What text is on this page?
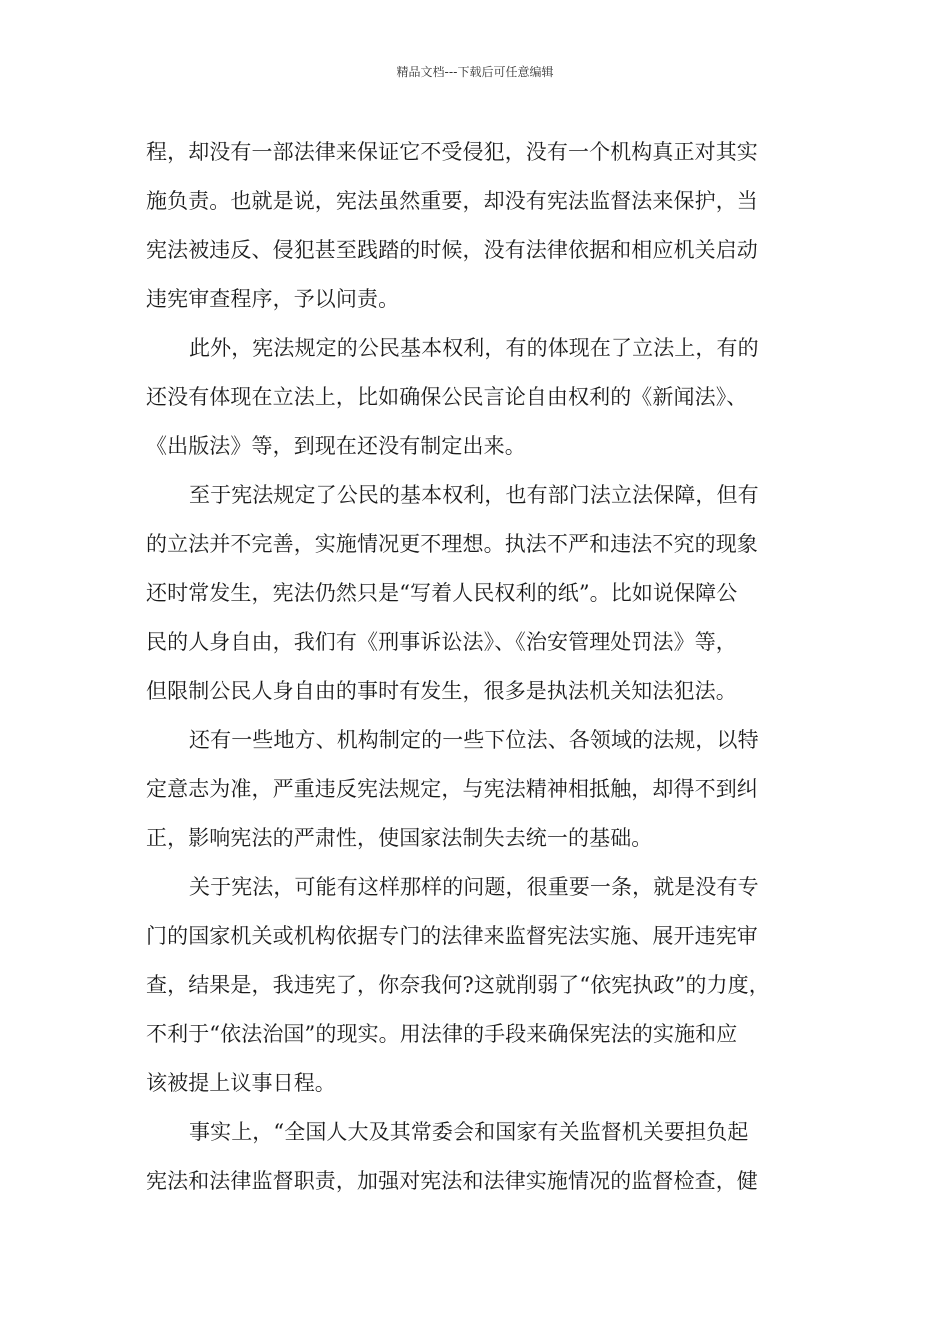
精品文档---下载后可任意编辑
程，却没有一部法律来保证它不受侵犯，没有一个机构真正对其实
施负责。也就是说，宪法虽然重要，却没有宪法监督法来保护，当
宪法被违反、侵犯甚至践踏的时候，没有法律依据和相应机关启动
违宪审查程序，予以问责。
此外，宪法规定的公民基本权利，有的体现在了立法上，有的
还没有体现在立法上，比如确保公民言论自由权利的《新闻法》、
《出版法》等，到现在还没有制定出来。
至于宪法规定了公民的基本权利，也有部门法立法保障，但有
的立法并不完善，实施情况更不理想。执法不严和违法不究的现象
还时常发生，宪法仍然只是“写着人民权利的纸”。比如说保障公
民的人身自由，我们有《刑事诉讼法》、《治安管理处罚法》等，
但限制公民人身自由的事时有发生，很多是执法机关知法犯法。
还有一些地方、机构制定的一些下位法、各领域的法规，以特
定意志为准，严重违反宪法规定，与宪法精神相抵触，却得不到纠
正，影响宪法的严肃性，使国家法制失去统一的基础。
关于宪法，可能有这样那样的问题，很重要一条，就是没有专
门的国家机关或机构依据专门的法律来监督宪法实施、展开违宪审
查，结果是，我违宪了，你奈我何?这就削弱了“依宪执政”的力度，
不利于“依法治国”的现实。用法律的手段来确保宪法的实施和应
该被提上议事日程。
事实上，“全国人大及其常委会和国家有关监督机关要担负起
宪法和法律监督职责，加强对宪法和法律实施情况的监督检查，健
